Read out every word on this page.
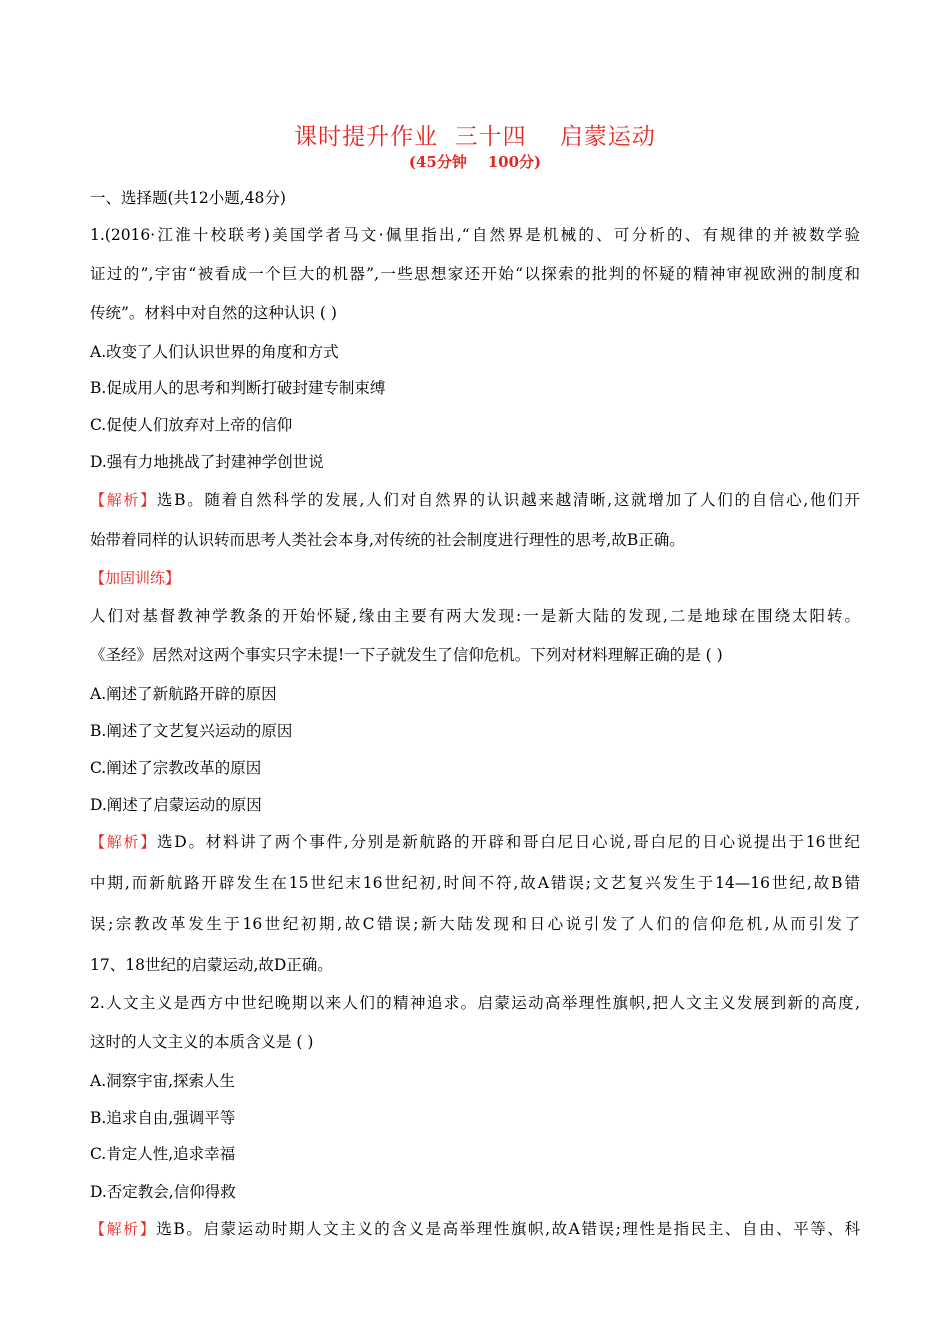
课时提升作业  三十四    启蒙运动
(45分钟    100分)
一、选择题(共12小题,48分)
1.(2016·江淮十校联考)美国学者马文·佩里指出,“自然界是机械的、可分析的、有规律的并被数学验
证过的”,宇宙“被看成一个巨大的机器”,一些思想家还开始“以探索的批判的怀疑的精神审视欧洲的制度和
传统”。材料中对自然的这种认识 ( )
A.改变了人们认识世界的角度和方式
B.促成用人的思考和判断打破封建专制束缚
C.促使人们放弃对上帝的信仰
D.强有力地挑战了封建神学创世说
【解析】选B。随着自然科学的发展,人们对自然界的认识越来越清晰,这就增加了人们的自信心,他们开
始带着同样的认识转而思考人类社会本身,对传统的社会制度进行理性的思考,故B正确。
【加固训练】
人们对基督教神学教条的开始怀疑,缘由主要有两大发现:一是新大陆的发现,二是地球在围绕太阳转。
《圣经》居然对这两个事实只字未提!一下子就发生了信仰危机。下列对材料理解正确的是 ( )
A.阐述了新航路开辟的原因
B.阐述了文艺复兴运动的原因
C.阐述了宗教改革的原因
D.阐述了启蒙运动的原因
【解析】选D。材料讲了两个事件,分别是新航路的开辟和哥白尼日心说,哥白尼的日心说提出于16世纪
中期,而新航路开辟发生在15世纪末16世纪初,时间不符,故A错误;文艺复兴发生于14—16世纪,故B错
误;宗教改革发生于16世纪初期,故C错误;新大陆发现和日心说引发了人们的信仰危机,从而引发了
17、18世纪的启蒙运动,故D正确。
2.人文主义是西方中世纪晚期以来人们的精神追求。启蒙运动高举理性旗帜,把人文主义发展到新的高度,
这时的人文主义的本质含义是 ( )
A.洞察宇宙,探索人生
B.追求自由,强调平等
C.肯定人性,追求幸福
D.否定教会,信仰得救
【解析】选B。启蒙运动时期人文主义的含义是高举理性旗帜,故A错误;理性是指民主、自由、平等、科
